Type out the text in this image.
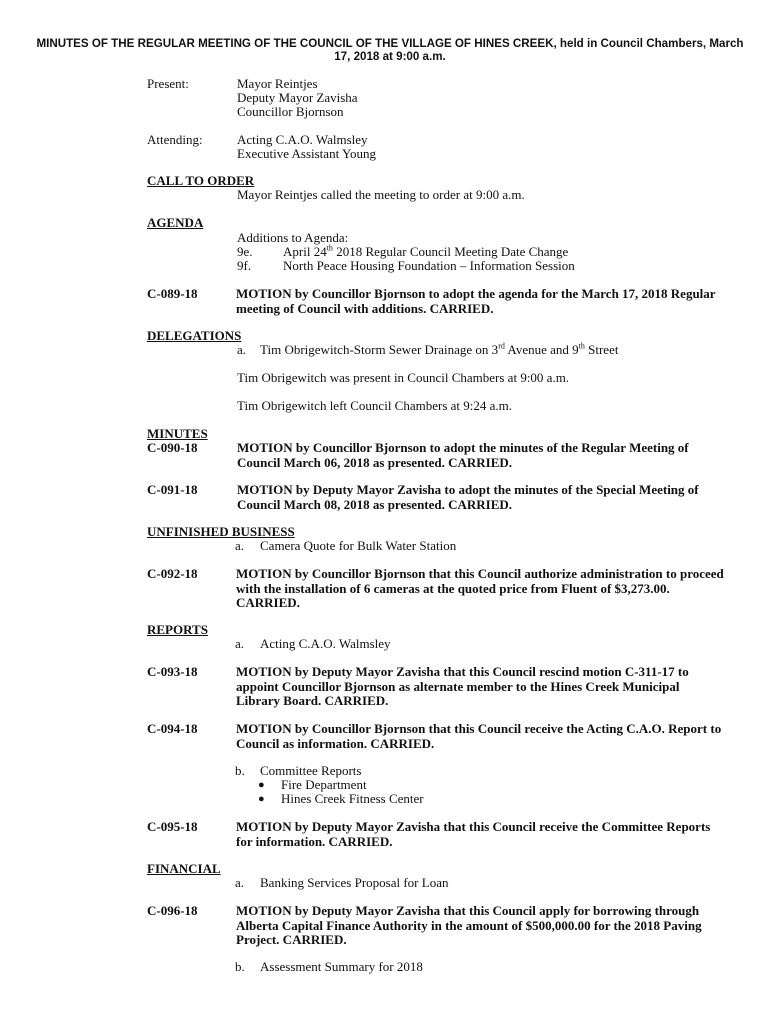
MINUTES OF THE REGULAR MEETING OF THE COUNCIL OF THE VILLAGE OF HINES CREEK, held in Council Chambers, March 17, 2018 at 9:00 a.m.
Present:	Mayor Reintjes
Deputy Mayor Zavisha
Councillor Bjornson
Attending:	Acting C.A.O. Walmsley
Executive Assistant Young
CALL TO ORDER
Mayor Reintjes called the meeting to order at 9:00 a.m.
AGENDA
Additions to Agenda:
9e. April 24th 2018 Regular Council Meeting Date Change
9f. North Peace Housing Foundation – Information Session
C-089-18	MOTION by Councillor Bjornson to adopt the agenda for the March 17, 2018 Regular meeting of Council with additions. CARRIED.
DELEGATIONS
a. Tim Obrigewitch-Storm Sewer Drainage on 3rd Avenue and 9th Street
Tim Obrigewitch was present in Council Chambers at 9:00 a.m.
Tim Obrigewitch left Council Chambers at 9:24 a.m.
MINUTES
C-090-18	MOTION by Councillor Bjornson to adopt the minutes of the Regular Meeting of Council March 06, 2018 as presented. CARRIED.
C-091-18	MOTION by Deputy Mayor Zavisha to adopt the minutes of the Special Meeting of Council March 08, 2018 as presented. CARRIED.
UNFINISHED BUSINESS
a. Camera Quote for Bulk Water Station
C-092-18	MOTION by Councillor Bjornson that this Council authorize administration to proceed with the installation of 6 cameras at the quoted price from Fluent of $3,273.00. CARRIED.
REPORTS
a. Acting C.A.O. Walmsley
C-093-18	MOTION by Deputy Mayor Zavisha that this Council rescind motion C-311-17 to appoint Councillor Bjornson as alternate member to the Hines Creek Municipal Library Board. CARRIED.
C-094-18	MOTION by Councillor Bjornson that this Council receive the Acting C.A.O. Report to Council as information. CARRIED.
b. Committee Reports
● Fire Department
● Hines Creek Fitness Center
C-095-18	MOTION by Deputy Mayor Zavisha that this Council receive the Committee Reports for information. CARRIED.
FINANCIAL
a. Banking Services Proposal for Loan
C-096-18	MOTION by Deputy Mayor Zavisha that this Council apply for borrowing through Alberta Capital Finance Authority in the amount of $500,000.00 for the 2018 Paving Project. CARRIED.
b. Assessment Summary for 2018
